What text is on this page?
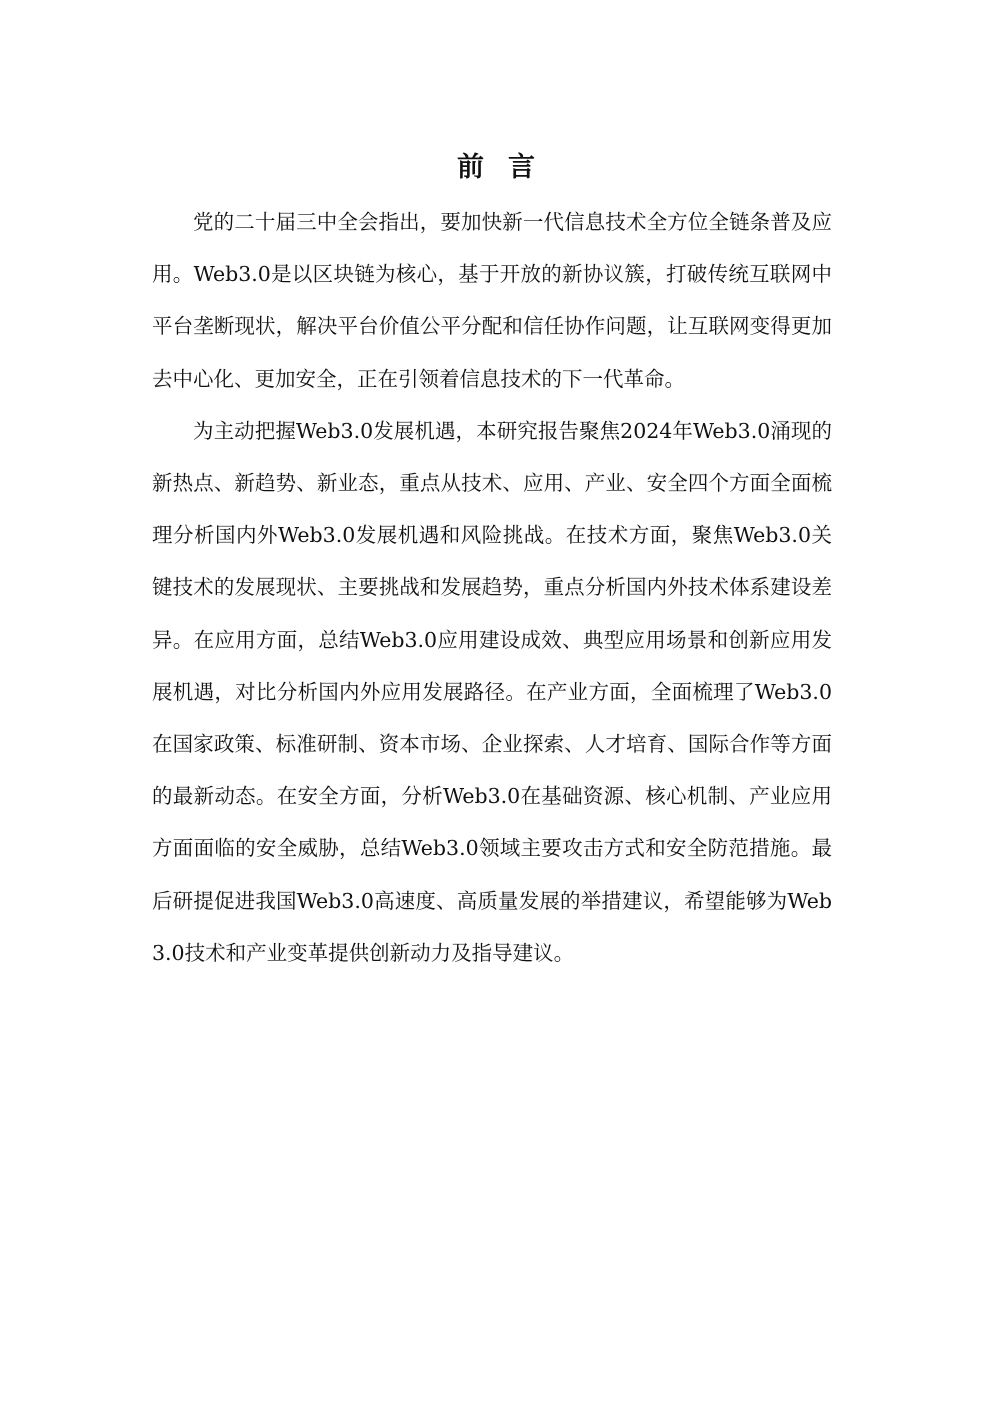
前言

党的二十届三中全会指出，要加快新一代信息技术全方位全链条普及应用。Web3.0是以区块链为核心，基于开放的新协议簇，打破传统互联网中平台垄断现状，解决平台价值公平分配和信任协作问题，让互联网变得更加去中心化、更加安全，正在引领着信息技术的下一代革命。

为主动把握Web3.0发展机遇，本研究报告聚焦2024年Web3.0涌现的新热点、新趋势、新业态，重点从技术、应用、产业、安全四个方面全面梳理分析国内外Web3.0发展机遇和风险挑战。在技术方面，聚焦Web3.0关键技术的发展现状、主要挑战和发展趋势，重点分析国内外技术体系建设差异。在应用方面，总结Web3.0应用建设成效、典型应用场景和创新应用发展机遇，对比分析国内外应用发展路径。在产业方面，全面梳理了Web3.0在国家政策、标准研制、资本市场、企业探索、人才培育、国际合作等方面的最新动态。在安全方面，分析Web3.0在基础资源、核心机制、产业应用方面面临的安全威胁，总结Web3.0领域主要攻击方式和安全防范措施。最后研提促进我国Web3.0高速度、高质量发展的举措建议，希望能够为Web3.0技术和产业变革提供创新动力及指导建议。
